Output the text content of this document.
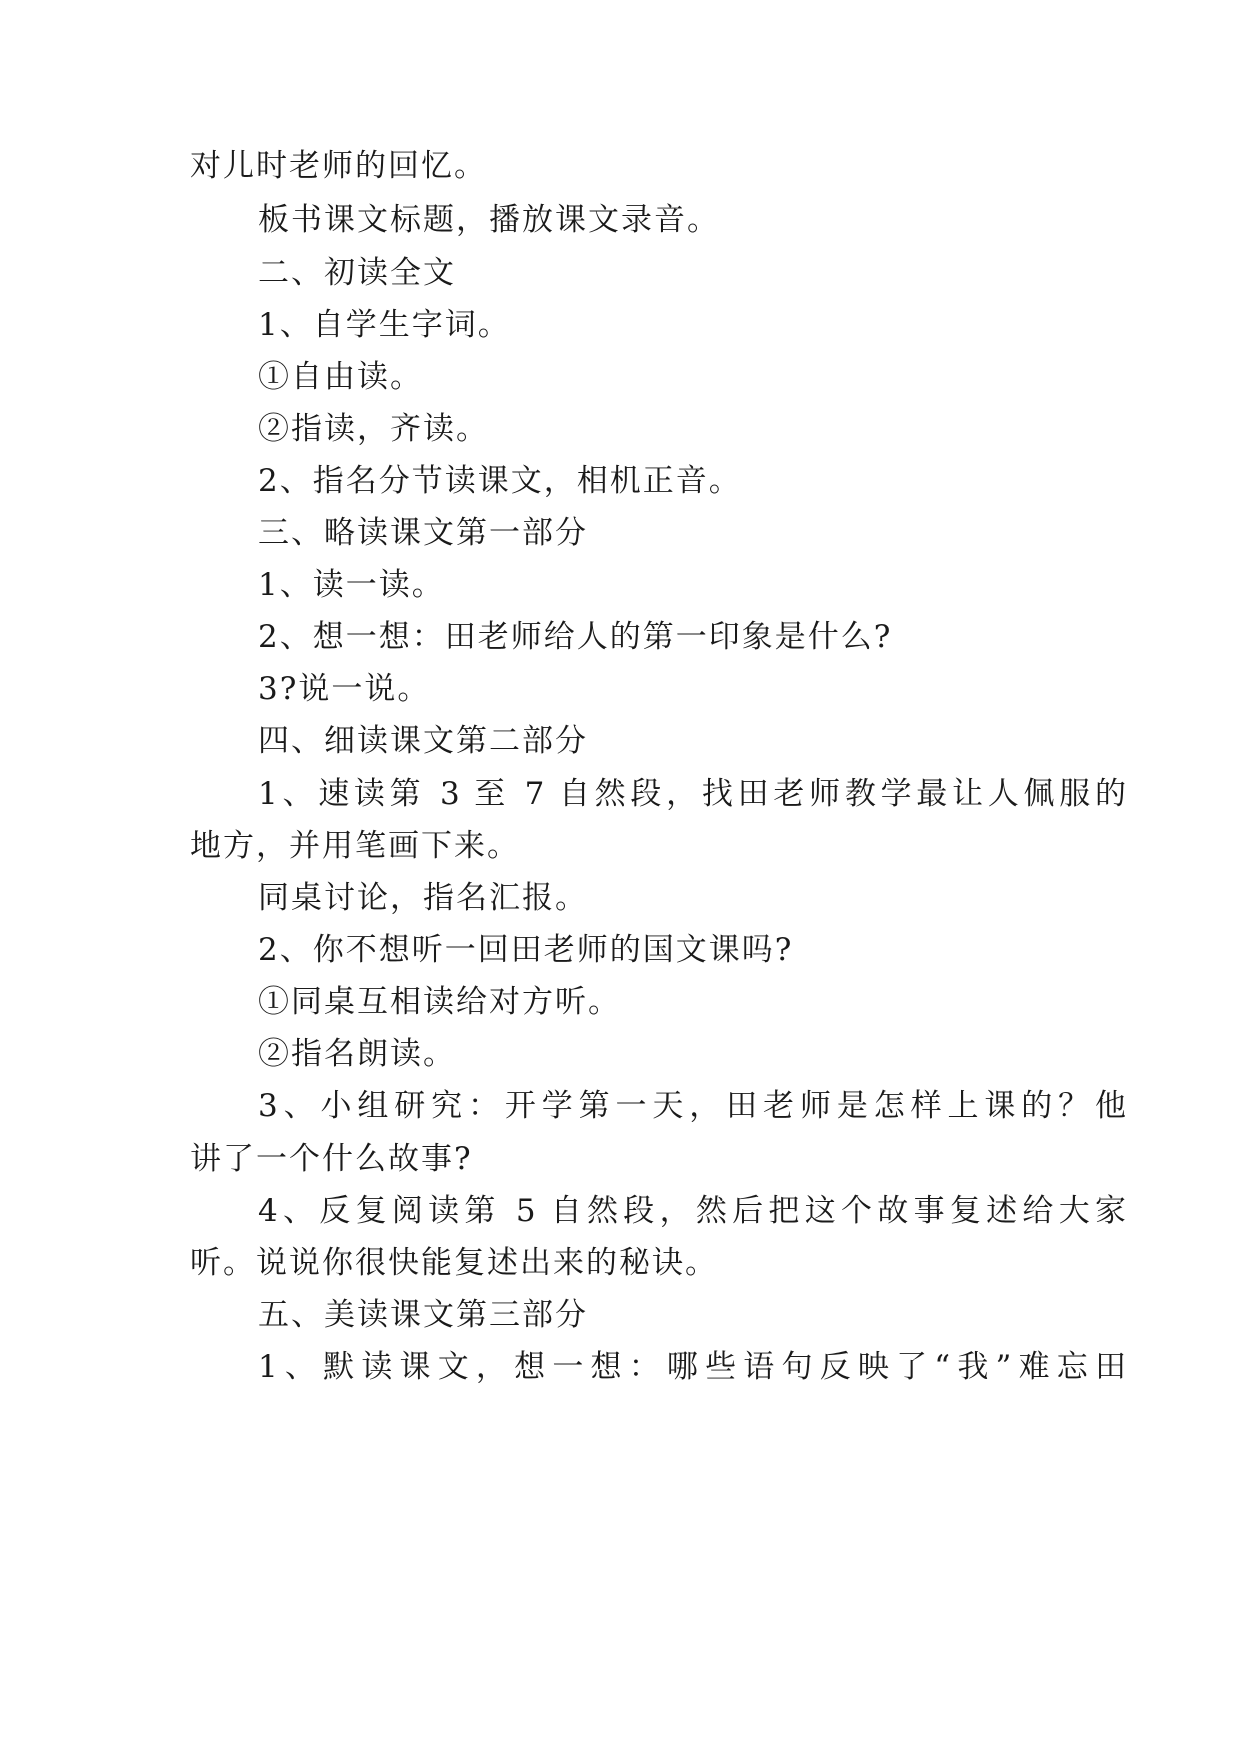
对儿时老师的回忆。

板书课文标题，播放课文录音。

二、初读全文

1、自学生字词。

①自由读。

②指读，齐读。

2、指名分节读课文，相机正音。

三、略读课文第一部分

1、读一读。

2、想一想：田老师给人的第一印象是什么?

3?说一说。

四、细读课文第二部分

1、速读第 3 至 7 自然段，找田老师教学最让人佩服的

地方，并用笔画下来。

同桌讨论，指名汇报。

2、你不想听一回田老师的国文课吗?

①同桌互相读给对方听。

②指名朗读。

3、小组研究：开学第一天，田老师是怎样上课的？他

讲了一个什么故事?

4、反复阅读第 5 自然段，然后把这个故事复述给大家

听。说说你很快能复述出来的秘诀。

五、美读课文第三部分

1、默读课文，想一想：哪些语句反映了“我”难忘田
